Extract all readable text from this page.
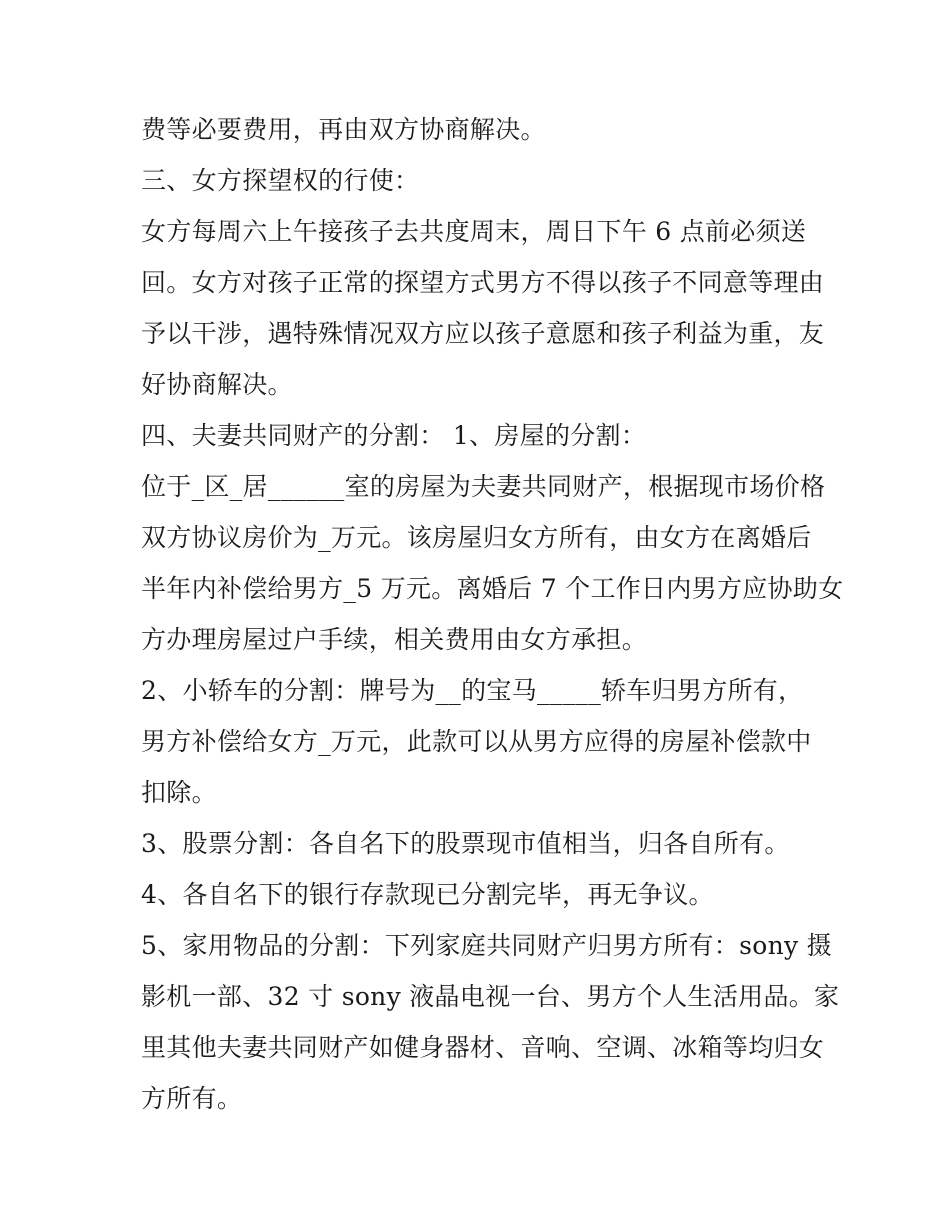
费等必要费用，再由双方协商解决。
三、女方探望权的行使：
女方每周六上午接孩子去共度周末，周日下午 6 点前必须送
回。女方对孩子正常的探望方式男方不得以孩子不同意等理由
予以干涉，遇特殊情况双方应以孩子意愿和孩子利益为重，友
好协商解决。
四、夫妻共同财产的分割： 1、房屋的分割：
位于_区_居______室的房屋为夫妻共同财产，根据现市场价格
双方协议房价为_万元。该房屋归女方所有，由女方在离婚后
半年内补偿给男方_5 万元。离婚后 7 个工作日内男方应协助女
方办理房屋过户手续，相关费用由女方承担。
2、小轿车的分割：牌号为__的宝马_____轿车归男方所有，
男方补偿给女方_万元，此款可以从男方应得的房屋补偿款中
扣除。
3、股票分割：各自名下的股票现市值相当，归各自所有。
4、各自名下的银行存款现已分割完毕，再无争议。
5、家用物品的分割：下列家庭共同财产归男方所有：sony 摄
影机一部、32 寸 sony 液晶电视一台、男方个人生活用品。家
里其他夫妻共同财产如健身器材、音响、空调、冰箱等均归女
方所有。
